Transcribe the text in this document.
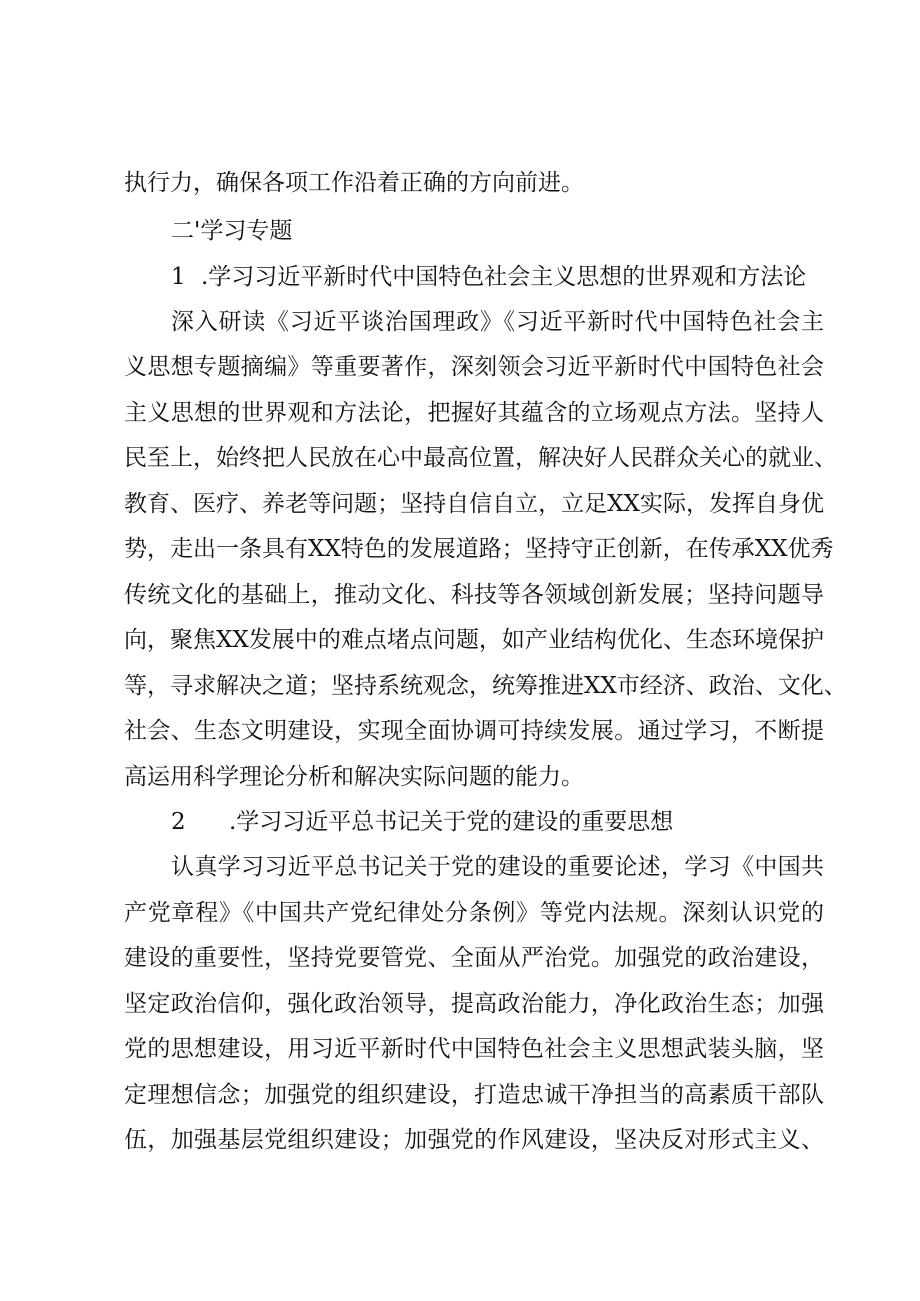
执行力，确保各项工作沿着正确的方向前进。
二'学习专题
1 .学习习近平新时代中国特色社会主义思想的世界观和方法论
深入研读《习近平谈治国理政》《习近平新时代中国特色社会主
义思想专题摘编》等重要著作，深刻领会习近平新时代中国特色社会
主义思想的世界观和方法论，把握好其蕴含的立场观点方法。坚持人
民至上，始终把人民放在心中最高位置，解决好人民群众关心的就业、
教育、医疗、养老等问题；坚持自信自立，立足XX实际，发挥自身优
势，走出一条具有XX特色的发展道路；坚持守正创新，在传承XX优秀
传统文化的基础上，推动文化、科技等各领域创新发展；坚持问题导
向，聚焦XX发展中的难点堵点问题，如产业结构优化、生态环境保护
等，寻求解决之道；坚持系统观念，统筹推进XX市经济、政治、文化、
社会、生态文明建设，实现全面协调可持续发展。通过学习，不断提
高运用科学理论分析和解决实际问题的能力。
2 .学习习近平总书记关于党的建设的重要思想
认真学习习近平总书记关于党的建设的重要论述，学习《中国共
产党章程》《中国共产党纪律处分条例》等党内法规。深刻认识党的
建设的重要性，坚持党要管党、全面从严治党。加强党的政治建设，
坚定政治信仰，强化政治领导，提高政治能力，净化政治生态；加强
党的思想建设，用习近平新时代中国特色社会主义思想武装头脑，坚
定理想信念；加强党的组织建设，打造忠诚干净担当的高素质干部队
伍，加强基层党组织建设；加强党的作风建设，坚决反对形式主义、
